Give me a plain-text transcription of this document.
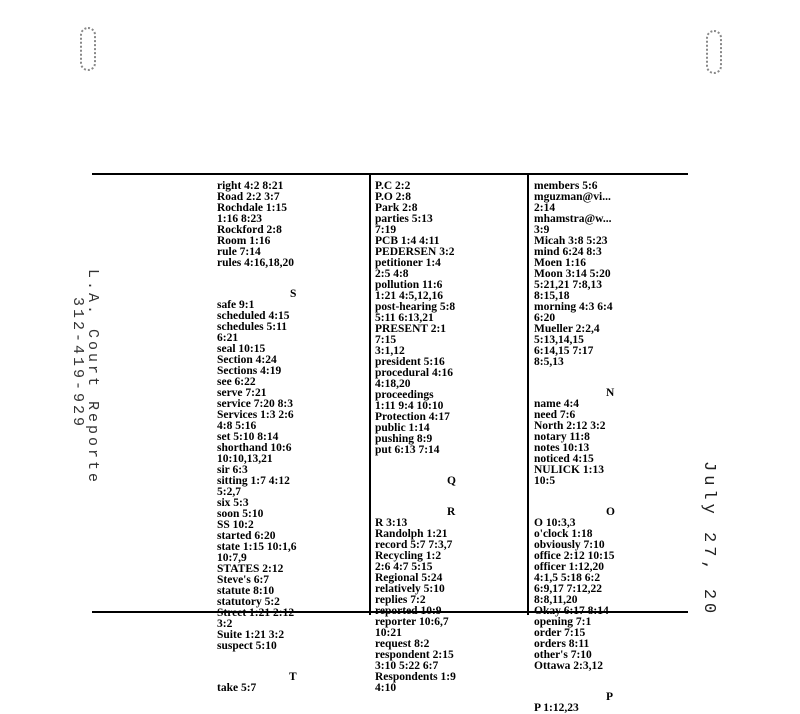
July 27, 20
members 5:6
mguzman@vi...
2:14
mhamstra@w...
3:9
Micah 3:8 5:23
mind 6:24 8:3
Moen 1:16
Moon 3:14 5:20
5:21,21 7:8,13
8:15,18
morning 4:3 6:4
6:20
Mueller 2:2,4
5:13,14,15
6:14,15 7:17
8:5,13
N
name 4:4
need 7:6
North 2:12 3:2
notary 11:8
notes 10:13
noticed 4:15
NULICK 1:13
10:5
O
O 10:3,3
o'clock 1:18
obviously 7:10
office 2:12 10:15
officer 1:12,20
4:1,5 5:18 6:2
6:9,17 7:12,22
8:8,11,20
Okay 6:17 8:14
opening 7:1
order 7:15
orders 8:11
other's 7:10
Ottawa 2:3,12
P
P 1:12,23
P.C 2:2
P.O 2:8
Park 2:8
parties 5:13
7:19
PCB 1:4 4:11
PEDERSEN 3:2
petitioner 1:4
2:5 4:8
pollution 11:6
1:21 4:5,12,16
post-hearing 5:8
5:11 6:13,21
PRESENT 2:1
7:15
3:1,12
president 5:16
procedural 4:16
4:18,20
proceedings
1:11 9:4 10:10
Protection 4:17
public 1:14
pushing 8:9
put 6:13 7:14
Q
R
R 3:13
Randolph 1:21
record 5:7 7:3,7
Recycling 1:2
2:6 4:7 5:15
Regional 5:24
relatively 5:10
replies 7:2
reported 10:9
reporter 10:6,7
10:21
request 8:2
respondent 2:15
3:10 5:22 6:7
Respondents 1:9
4:10
right 4:2 8:21
Road 2:2 3:7
Rochdale 1:15
1:16 8:23
Rockford 2:8
Room 1:16
rule 7:14
rules 4:16,18,20
S
safe 9:1
scheduled 4:15
schedules 5:11
6:21
seal 10:15
Section 4:24
Sections 4:19
see 6:22
serve 7:21
service 7:20 8:3
Services 1:3 2:6
4:8 5:16
set 5:10 8:14
shorthand 10:6
10:10,13,21
sir 6:3
sitting 1:7 4:12
5:2,7
six 5:3
soon 5:10
SS 10:2
started 6:20
state 1:15 10:1,6
10:7,9
STATES 2:12
Steve's 6:7
statute 8:10
statutory 5:2
Street 1:21 2:12
3:2
Suite 1:21 3:2
suspect 5:10
T
take 5:7
L.A. Court Reporte
312-419-929
